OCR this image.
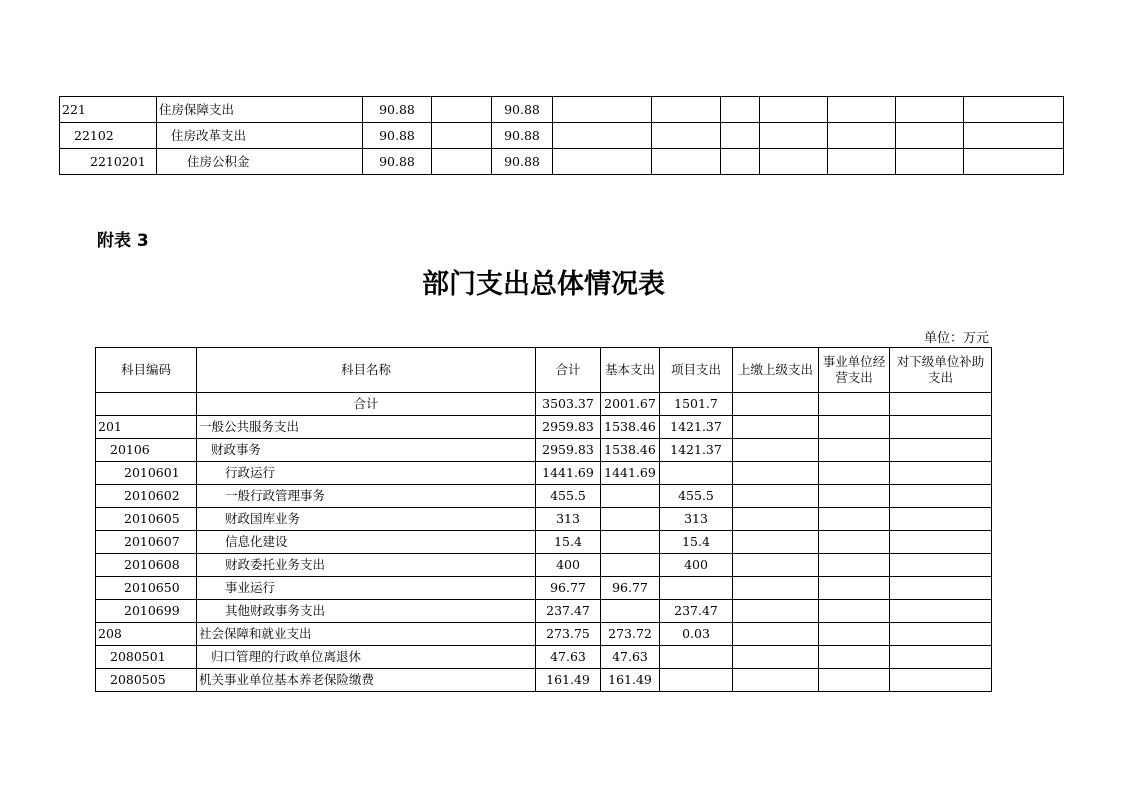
221	住房保障支出	90.88		90.88							
22102	住房改革支出	90.88		90.88							
2210201	住房公积金	90.88		90.88							
附表 3
部门支出总体情况表
单位：万元
科目编码	科目名称	合计	基本支出	项目支出	上缴上级支出	事业单位经营支出	对下级单位补助支出
	合计	3503.37	2001.67	1501.7			
201	一般公共服务支出	2959.83	1538.46	1421.37			
20106	财政事务	2959.83	1538.46	1421.37			
2010601	行政运行	1441.69	1441.69				
2010602	一般行政管理事务	455.5		455.5			
2010605	财政国库业务	313		313			
2010607	信息化建设	15.4		15.4			
2010608	财政委托业务支出	400		400			
2010650	事业运行	96.77	96.77				
2010699	其他财政事务支出	237.47		237.47			
208	社会保障和就业支出	273.75	273.72	0.03			
2080501	归口管理的行政单位离退休	47.63	47.63				
2080505	机关事业单位基本养老保险缴费	161.49	161.49				
